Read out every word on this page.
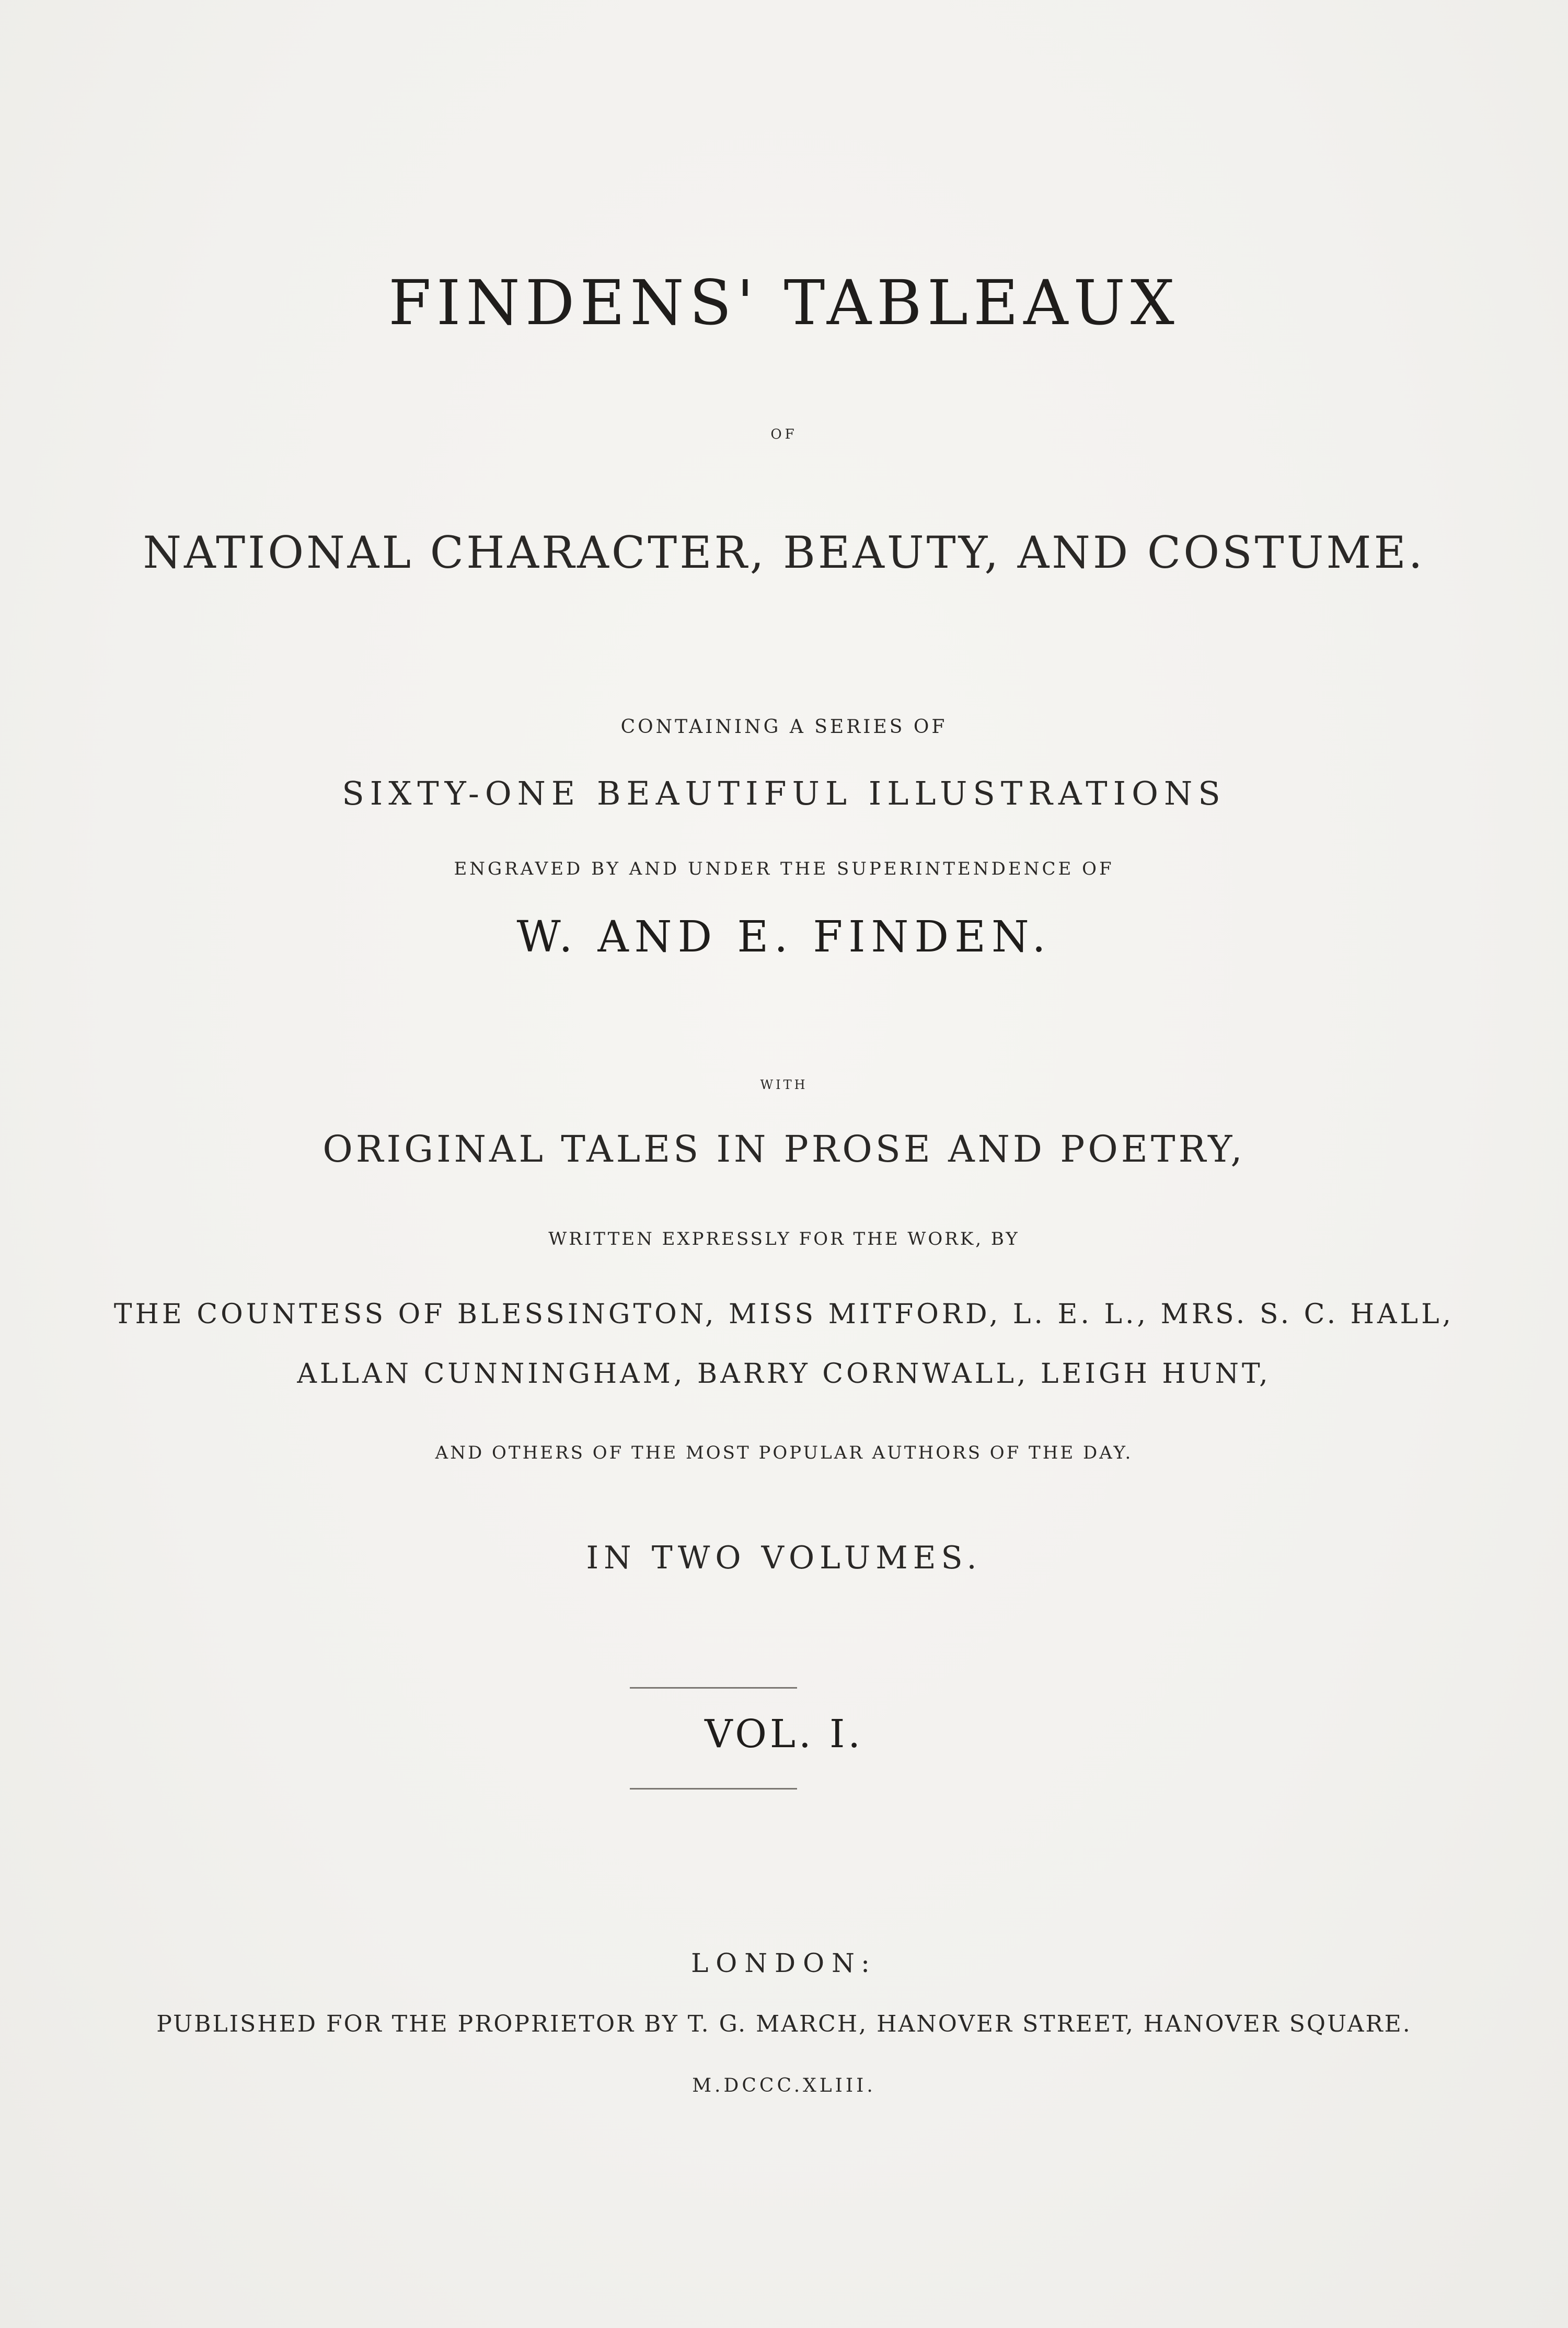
FINDENS' TABLEAUX
OF
NATIONAL CHARACTER, BEAUTY, AND COSTUME.
CONTAINING A SERIES OF
SIXTY-ONE BEAUTIFUL ILLUSTRATIONS
ENGRAVED BY AND UNDER THE SUPERINTENDENCE OF
W. AND E. FINDEN.
WITH
ORIGINAL TALES IN PROSE AND POETRY,
WRITTEN EXPRESSLY FOR THE WORK, BY
THE COUNTESS OF BLESSINGTON, MISS MITFORD, L. E. L., MRS. S. C. HALL,
ALLAN CUNNINGHAM, BARRY CORNWALL, LEIGH HUNT,
AND OTHERS OF THE MOST POPULAR AUTHORS OF THE DAY.
IN TWO VOLUMES.
VOL. I.
LONDON:
PUBLISHED FOR THE PROPRIETOR BY T. G. MARCH, HANOVER STREET, HANOVER SQUARE.
M.DCCC.XLIII.
